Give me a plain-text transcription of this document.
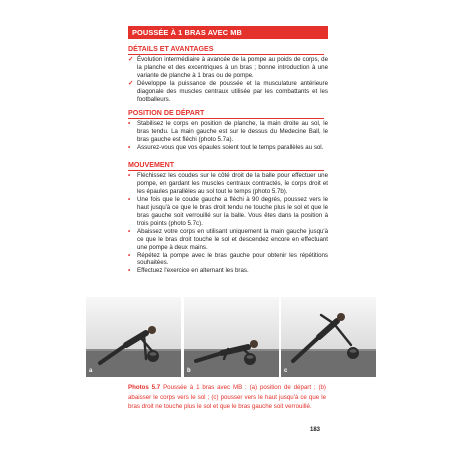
POUSSÉE À 1 BRAS AVEC MB
DÉTAILS ET AVANTAGES
✓ Évolution intermédiaire à avancée de la pompe au poids de corps, de la planche et des excentriques à un bras ; bonne introduction à une variante de planche à 1 bras ou de pompe.
✓ Développe la puissance de poussée et la musculature antérieure diagonale des muscles centraux utilisée par les combattants et les footballeurs.
POSITION DE DÉPART
• Stabilisez le corps en position de planche, la main droite au sol, le bras tendu. La main gauche est sur le dessus du Medecine Ball, le bras gauche est fléchi (photo 5.7a).
• Assurez-vous que vos épaules soient tout le temps parallèles au sol.
MOUVEMENT
• Fléchissez les coudes sur le côté droit de la balle pour effectuer une pompe, en gardant les muscles centraux contractés, le corps droit et les épaules parallèles au sol tout le temps (photo 5.7b).
• Une fois que le coude gauche a fléchi à 90 degrés, poussez vers le haut jusqu'à ce que le bras droit tendu ne touche plus le sol et que le bras gauche soit verrouillé sur la balle. Vous êtes dans la position à trois points (photo 5.7c).
• Abaissez votre corps en utilisant uniquement la main gauche jusqu'à ce que le bras droit touche le sol et descendez encore en effectuant une pompe à deux mains.
• Répétez la pompe avec le bras gauche pour obtenir les répétitions souhaitées.
• Effectuez l'exercice en alternant les bras.
a	b	c
Photos 5.7 Poussée à 1 bras avec MB : (a) position de départ ; (b) abaisser le corps vers le sol ; (c) pousser vers le haut jusqu'à ce que le bras droit ne touche plus le sol et que le bras gauche soit verrouillé.
183
